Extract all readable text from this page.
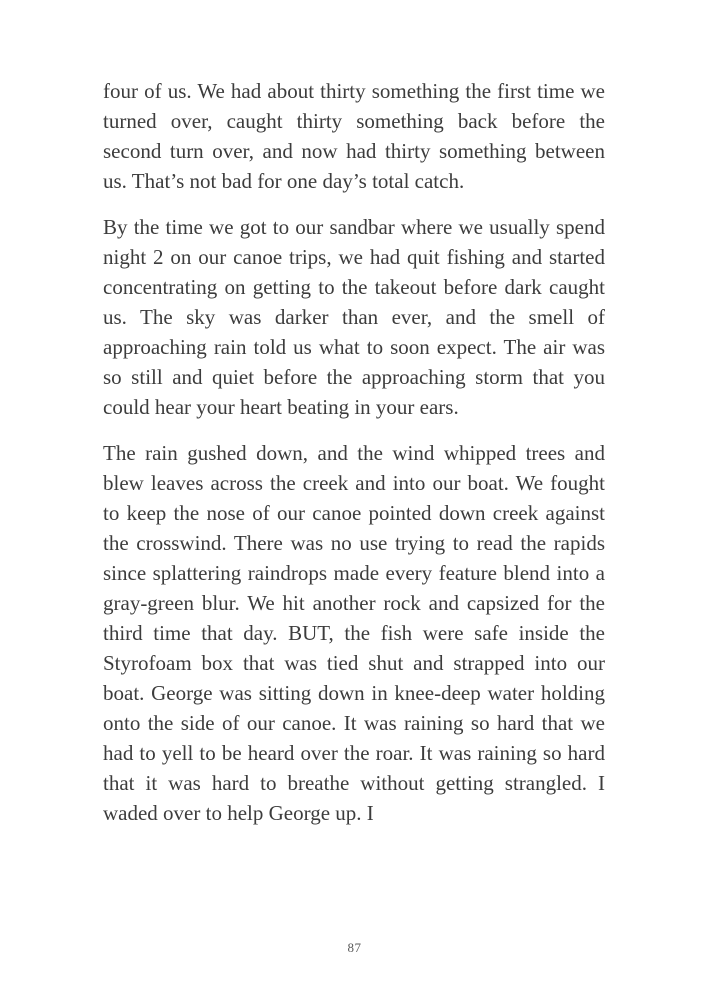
four of us. We had about thirty something the first time we turned over, caught thirty something back before the second turn over, and now had thirty something between us. That’s not bad for one day’s total catch.

By the time we got to our sandbar where we usually spend night 2 on our canoe trips, we had quit fishing and started concentrating on getting to the takeout before dark caught us. The sky was darker than ever, and the smell of approaching rain told us what to soon expect. The air was so still and quiet before the approaching storm that you could hear your heart beating in your ears.

The rain gushed down, and the wind whipped trees and blew leaves across the creek and into our boat. We fought to keep the nose of our canoe pointed down creek against the crosswind. There was no use trying to read the rapids since splattering raindrops made every feature blend into a gray-green blur. We hit another rock and capsized for the third time that day. BUT, the fish were safe inside the Styrofoam box that was tied shut and strapped into our boat. George was sitting down in knee-deep water holding onto the side of our canoe. It was raining so hard that we had to yell to be heard over the roar. It was raining so hard that it was hard to breathe without getting strangled. I waded over to help George up. I

87
